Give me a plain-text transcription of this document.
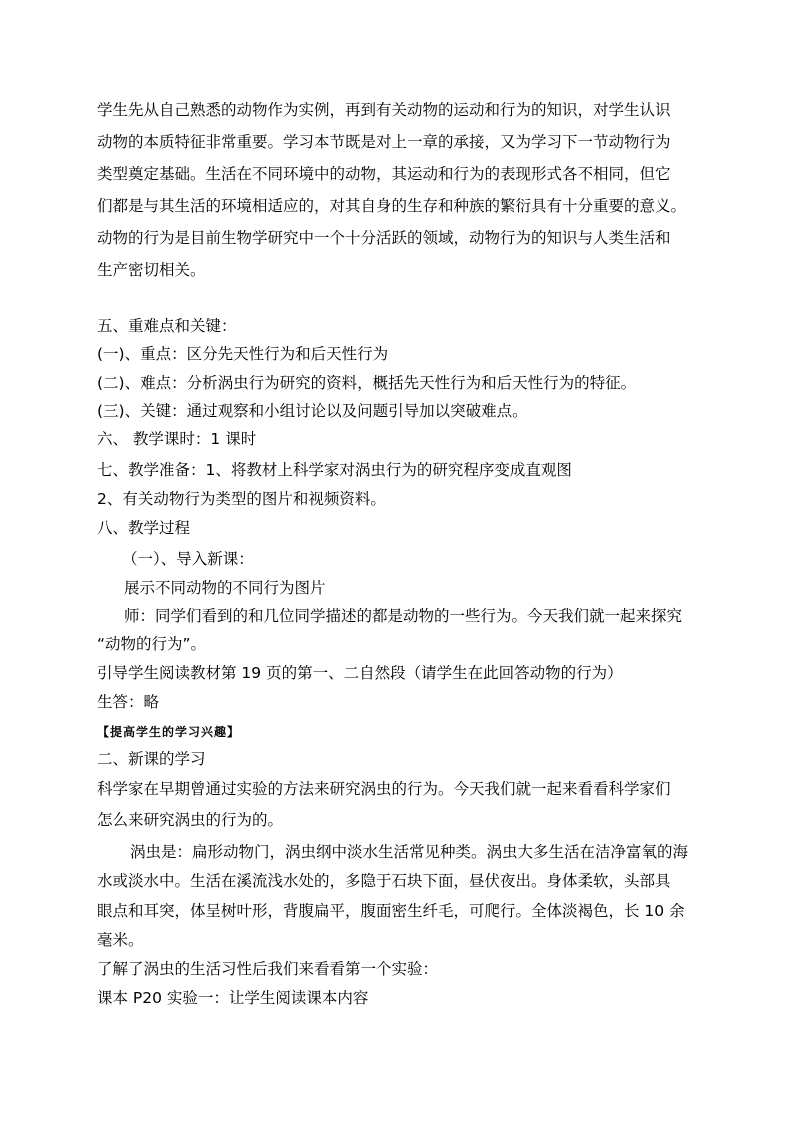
学生先从自己熟悉的动物作为实例，再到有关动物的运动和行为的知识，对学生认识
动物的本质特征非常重要。学习本节既是对上一章的承接，又为学习下一节动物行为
类型奠定基础。生活在不同环境中的动物，其运动和行为的表现形式各不相同，但它
们都是与其生活的环境相适应的，对其自身的生存和种族的繁衍具有十分重要的意义。
动物的行为是目前生物学研究中一个十分活跃的领域，动物行为的知识与人类生活和
生产密切相关。
五、重难点和关键：
(一)、重点：区分先天性行为和后天性行为
(二)、难点：分析涡虫行为研究的资料，概括先天性行为和后天性行为的特征。
(三)、关键：通过观察和小组讨论以及问题引导加以突破难点。
六、 教学课时：1 课时
七、教学准备：1、将教材上科学家对涡虫行为的研究程序变成直观图
2、有关动物行为类型的图片和视频资料。
八、教学过程
（一）、导入新课：
展示不同动物的不同行为图片
师：同学们看到的和几位同学描述的都是动物的一些行为。今天我们就一起来探究
“动物的行为”。
引导学生阅读教材第 19 页的第一、二自然段（请学生在此回答动物的行为）
生答：略
【提高学生的学习兴趣】
二、新课的学习
科学家在早期曾通过实验的方法来研究涡虫的行为。今天我们就一起来看看科学家们
怎么来研究涡虫的行为的。
涡虫是：扁形动物门，涡虫纲中淡水生活常见种类。涡虫大多生活在洁净富氧的海
水或淡水中。生活在溪流浅水处的，多隐于石块下面，昼伏夜出。身体柔软，头部具
眼点和耳突，体呈树叶形，背腹扁平，腹面密生纤毛，可爬行。全体淡褐色，长 10 余
毫米。
了解了涡虫的生活习性后我们来看看第一个实验：
课本 P20 实验一：让学生阅读课本内容
